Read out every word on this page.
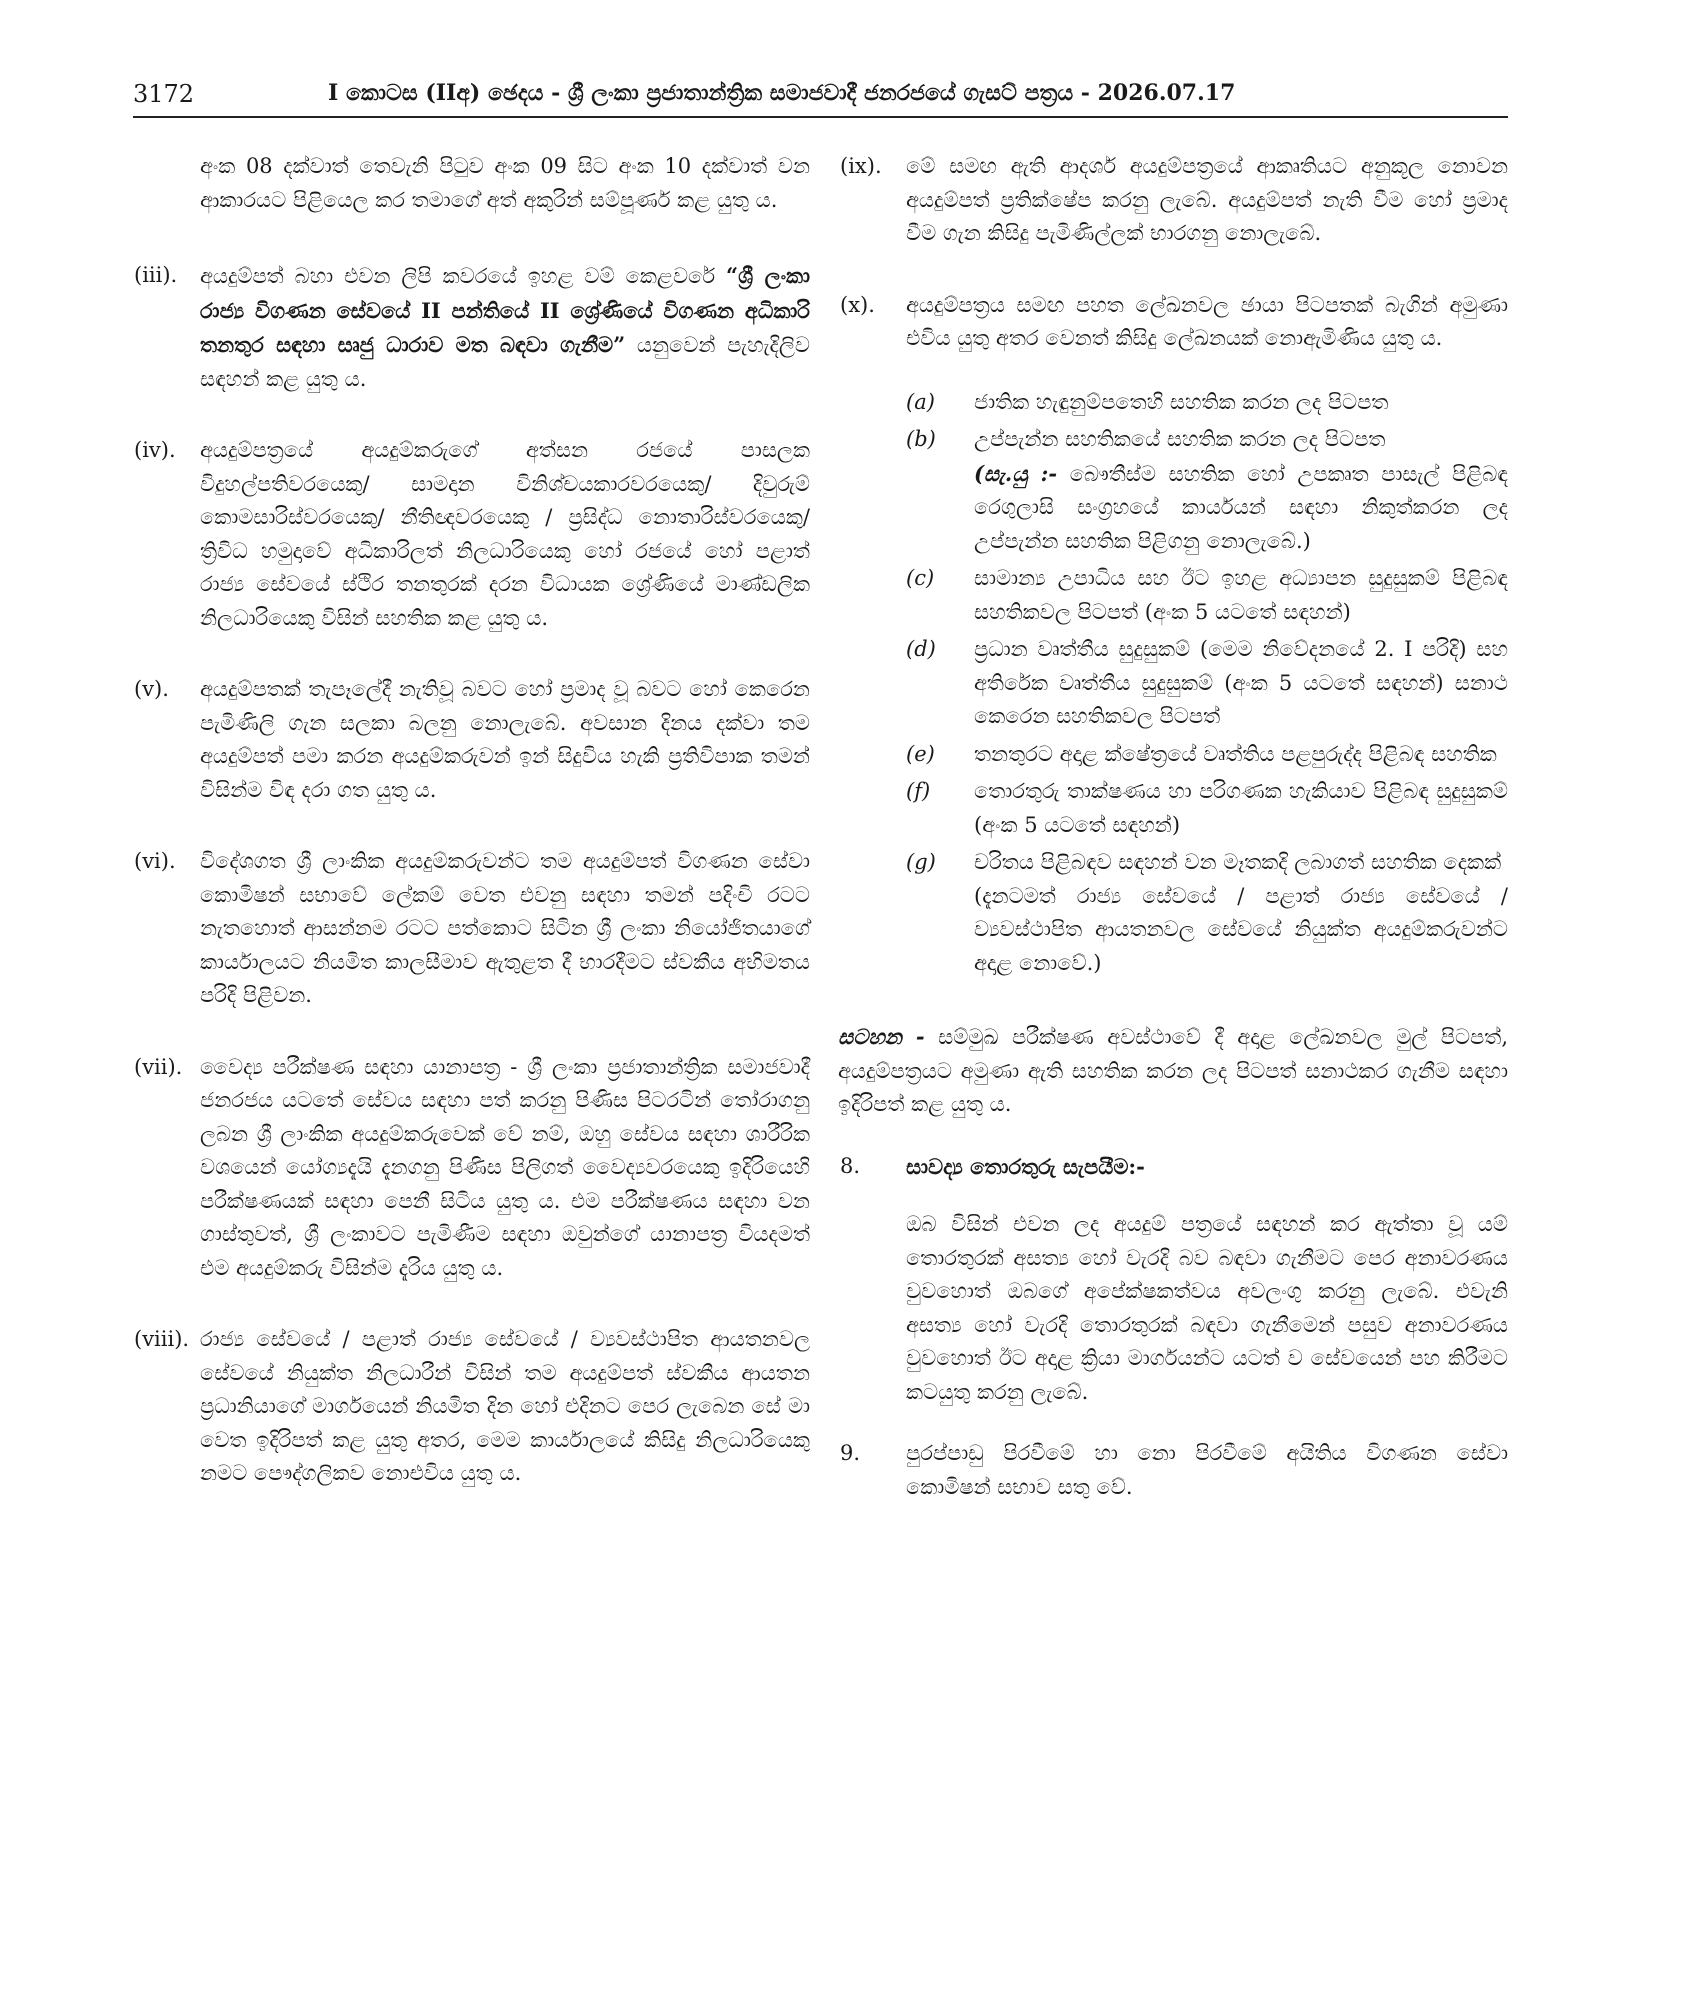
3172	I කොටස (IIඅ) ඡෙදය - ශ්‍රී ලංකා ප්‍රජාතාන්ත්‍රික සමාජවාදී ජනරජයේ ගැසට් පත්‍රය - 2026.07.17

අංක 08 දක්වාත් තෙවැනි පිටුව අංක 09 සිට අංක 10 දක්වාත් වන ආකාරයට පිළියෙල කර තමාගේ අත් අකුරින් සම්පූර්ණ කළ යුතු ය.

(iii). අයදුම්පත් බහා එවන ලිපි කවරයේ ඉහළ වම් කෙළවරේ “ශ්‍රී ලංකා රාජ්‍ය විගණන සේවයේ II පන්තියේ II ශ්‍රේණියේ විගණන අධිකාරි තනතුර සඳහා සෘජු ධාරාව මත බඳවා ගැනීම” යනුවෙන් පැහැදිලිව සඳහන් කළ යුතු ය.
(iv). අයදුම්පත්‍රයේ අයදුම්කරුගේ අත්සන රජයේ පාසලක විදුහල්පතිවරයෙකු/ සාමදාන විනිශ්චයකාරවරයෙකු/ දිවුරුම් කොමසාරිස්වරයෙකු/ නීතිඥවරයෙකු / ප්‍රසිද්ධ නොතාරිස්වරයෙකු/ ත්‍රිවිධ හමුදාවේ අධිකාරිලත් නිලධාරියෙකු හෝ රජයේ හෝ පළාත් රාජ්‍ය සේවයේ ස්ථිර තනතුරක් දරන විධායක ශ්‍රේණියේ මාණ්ඩලික නිලධාරියෙකු විසින් සහතික කළ යුතු ය.
(v). අයදුම්පතක් තැපෑලේදී නැතිවූ බවට හෝ ප්‍රමාද වූ බවට හෝ කෙරෙන පැමිණිලි ගැන සලකා බලනු නොලැබේ. අවසාන දිනය දක්වා තම අයදුම්පත් පමා කරන අයදුම්කරුවන් ඉන් සිදුවිය හැකි ප්‍රතිවිපාක තමන් විසින්ම විඳ දරා ගත යුතු ය.
(vi). විදේශගත ශ්‍රී ලාංකික අයදුම්කරුවන්ට තම අයදුම්පත් විගණන සේවා කොමිෂන් සභාවේ ලේකම් වෙත එවනු සඳහා තමන් පදිංචි රටට නැතහොත් ආසන්නම රටට පත්කොට සිටින ශ්‍රී ලංකා නියෝජිතයාගේ කාර්යාලයට නියමිත කාලසීමාව ඇතුළත දී භාරදීමට ස්වකීය අභිමතය පරිදි පිළිවන.
(vii). වෛද්‍ය පරීක්ෂණ සඳහා යානාපත්‍ර - ශ්‍රී ලංකා ප්‍රජාතාන්ත්‍රික සමාජවාදී ජනරජය යටතේ සේවය සඳහා පත් කරනු පිණිස පිටරටින් තෝරාගනු ලබන ශ්‍රී ලාංකික අයදුම්කරුවෙක් වේ නම්, ඔහු සේවය සඳහා ශාරීරික වශයෙන් යෝග්‍යදැයි දැනගනු පිණිස පිලිගත් වෛද්‍යවරයෙකු ඉදිරියෙහි පරීක්ෂණයක් සඳහා පෙනී සිටිය යුතු ය. එම පරීක්ෂණය සඳහා වන ගාස්තුවත්, ශ්‍රී ලංකාවට පැමිණීම සඳහා ඔවුන්ගේ යානාපත්‍ර වියදමත් එම අයදුම්කරු විසින්ම දැරිය යුතු ය.
(viii). රාජ්‍ය සේවයේ / පළාත් රාජ්‍ය සේවයේ / ව්‍යවස්ථාපිත ආයතනවල සේවයේ නියුක්ත නිලධාරීන් විසින් තම අයදුම්පත් ස්වකීය ආයතන ප්‍රධානියාගේ මාර්ගයෙන් නියමිත දින හෝ එදිනට පෙර ලැබෙන සේ මා වෙත ඉදිරිපත් කළ යුතු අතර, මෙම කාර්යාලයේ කිසිදු නිලධාරියෙකු නමට පෞද්ගලිකව නොඑවිය යුතු ය.
(ix). මේ සමඟ ඇති ආදර්ශ අයදුම්පත්‍රයේ ආකෘතියට අනුකූල නොවන අයදුම්පත් ප්‍රතික්ෂේප කරනු ලැබේ. අයදුම්පත් නැති වීම හෝ ප්‍රමාද වීම ගැන කිසිදු පැමිණිල්ලක් භාරගනු නොලැබේ.
(x). අයදුම්පත්‍රය සමඟ පහත ලේඛනවල ඡායා පිටපතක් බැගින් අමුණා එවිය යුතු අතර වෙනත් කිසිදු ලේඛනයක් නොඇමිණිය යුතු ය.
(a) ජාතික හැඳුනුම්පතෙහි සහතික කරන ලද පිටපත
(b) උප්පැන්න සහතිකයේ සහතික කරන ලද පිටපත
(සැ.යු :- බෞතීස්ම සහතික හෝ උපකෘත පාසැල් පිළිබඳ රෙගුලාසි සංග්‍රහයේ කාර්යයන් සඳහා නිකුත්කරන ලද උප්පැන්න සහතික පිළිගනු නොලැබේ.)
(c) සාමාන්‍ය උපාධිය සහ ඊට ඉහළ අධ්‍යාපන සුදුසුකම් පිළිබඳ සහතිකවල පිටපත් (අංක 5 යටතේ සඳහන්)
(d) ප්‍රධාන වෘත්තීය සුදුසුකම් (මෙම නිවේදනයේ 2. I පරිදි) සහ අතිරේක වෘත්තීය සුදුසුකම් (අංක 5 යටතේ සඳහන්) සනාථ කෙරෙන සහතිකවල පිටපත්
(e) තනතුරට අදාළ ක්ෂේත්‍රයේ වෘත්තිය පළපුරුද්ද පිළිබඳ සහතික
(f) තොරතුරු තාක්ෂණය හා පරිගණක හැකියාව පිළිබඳ සුදුසුකම් (අංක 5 යටතේ සඳහන්)
(g) චරිතය පිළිබඳව සඳහන් වන මෑතකදි ලබාගත් සහතික දෙකක්
(දැනටමත් රාජ්‍ය සේවයේ / පළාත් රාජ්‍ය සේවයේ / ව්‍යවස්ථාපිත ආයතනවල සේවයේ නියුක්ත අයදුම්කරුවන්ට අදාළ නොවේ.)

සටහන - සම්මුඛ පරීක්ෂණ අවස්ථාවේ දී අදාළ ලේඛනවල මුල් පිටපත්, අයදුම්පත්‍රයට අමුණා ඇති සහතික කරන ලද පිටපත් සනාථකර ගැනීම සඳහා ඉදිරිපත් කළ යුතු ය.

8. සාවද්‍ය තොරතුරු සැපයීම:-
ඔබ විසින් එවන ලද අයදුම් පත්‍රයේ සඳහන් කර ඇත්තා වූ යම් තොරතුරක් අසත්‍ය හෝ වැරදි බව බඳවා ගැනීමට පෙර අනාවරණය වුවහොත් ඔබගේ අපේක්ෂකත්වය අවලංගු කරනු ලැබේ. එවැනි අසත්‍ය හෝ වැරදි තොරතුරක් බඳවා ගැනීමෙන් පසුව අනාවරණය වුවහොත් ඊට අදාළ ක්‍රියා මාර්ගයන්ට යටත් ව සේවයෙන් පහ කිරීමට කටයුතු කරනු ලැබේ.
9. පුරප්පාඩු පිරවීමේ හා නො පිරවීමේ අයිතිය විගණන සේවා කොමිෂන් සභාව සතු වේ.
